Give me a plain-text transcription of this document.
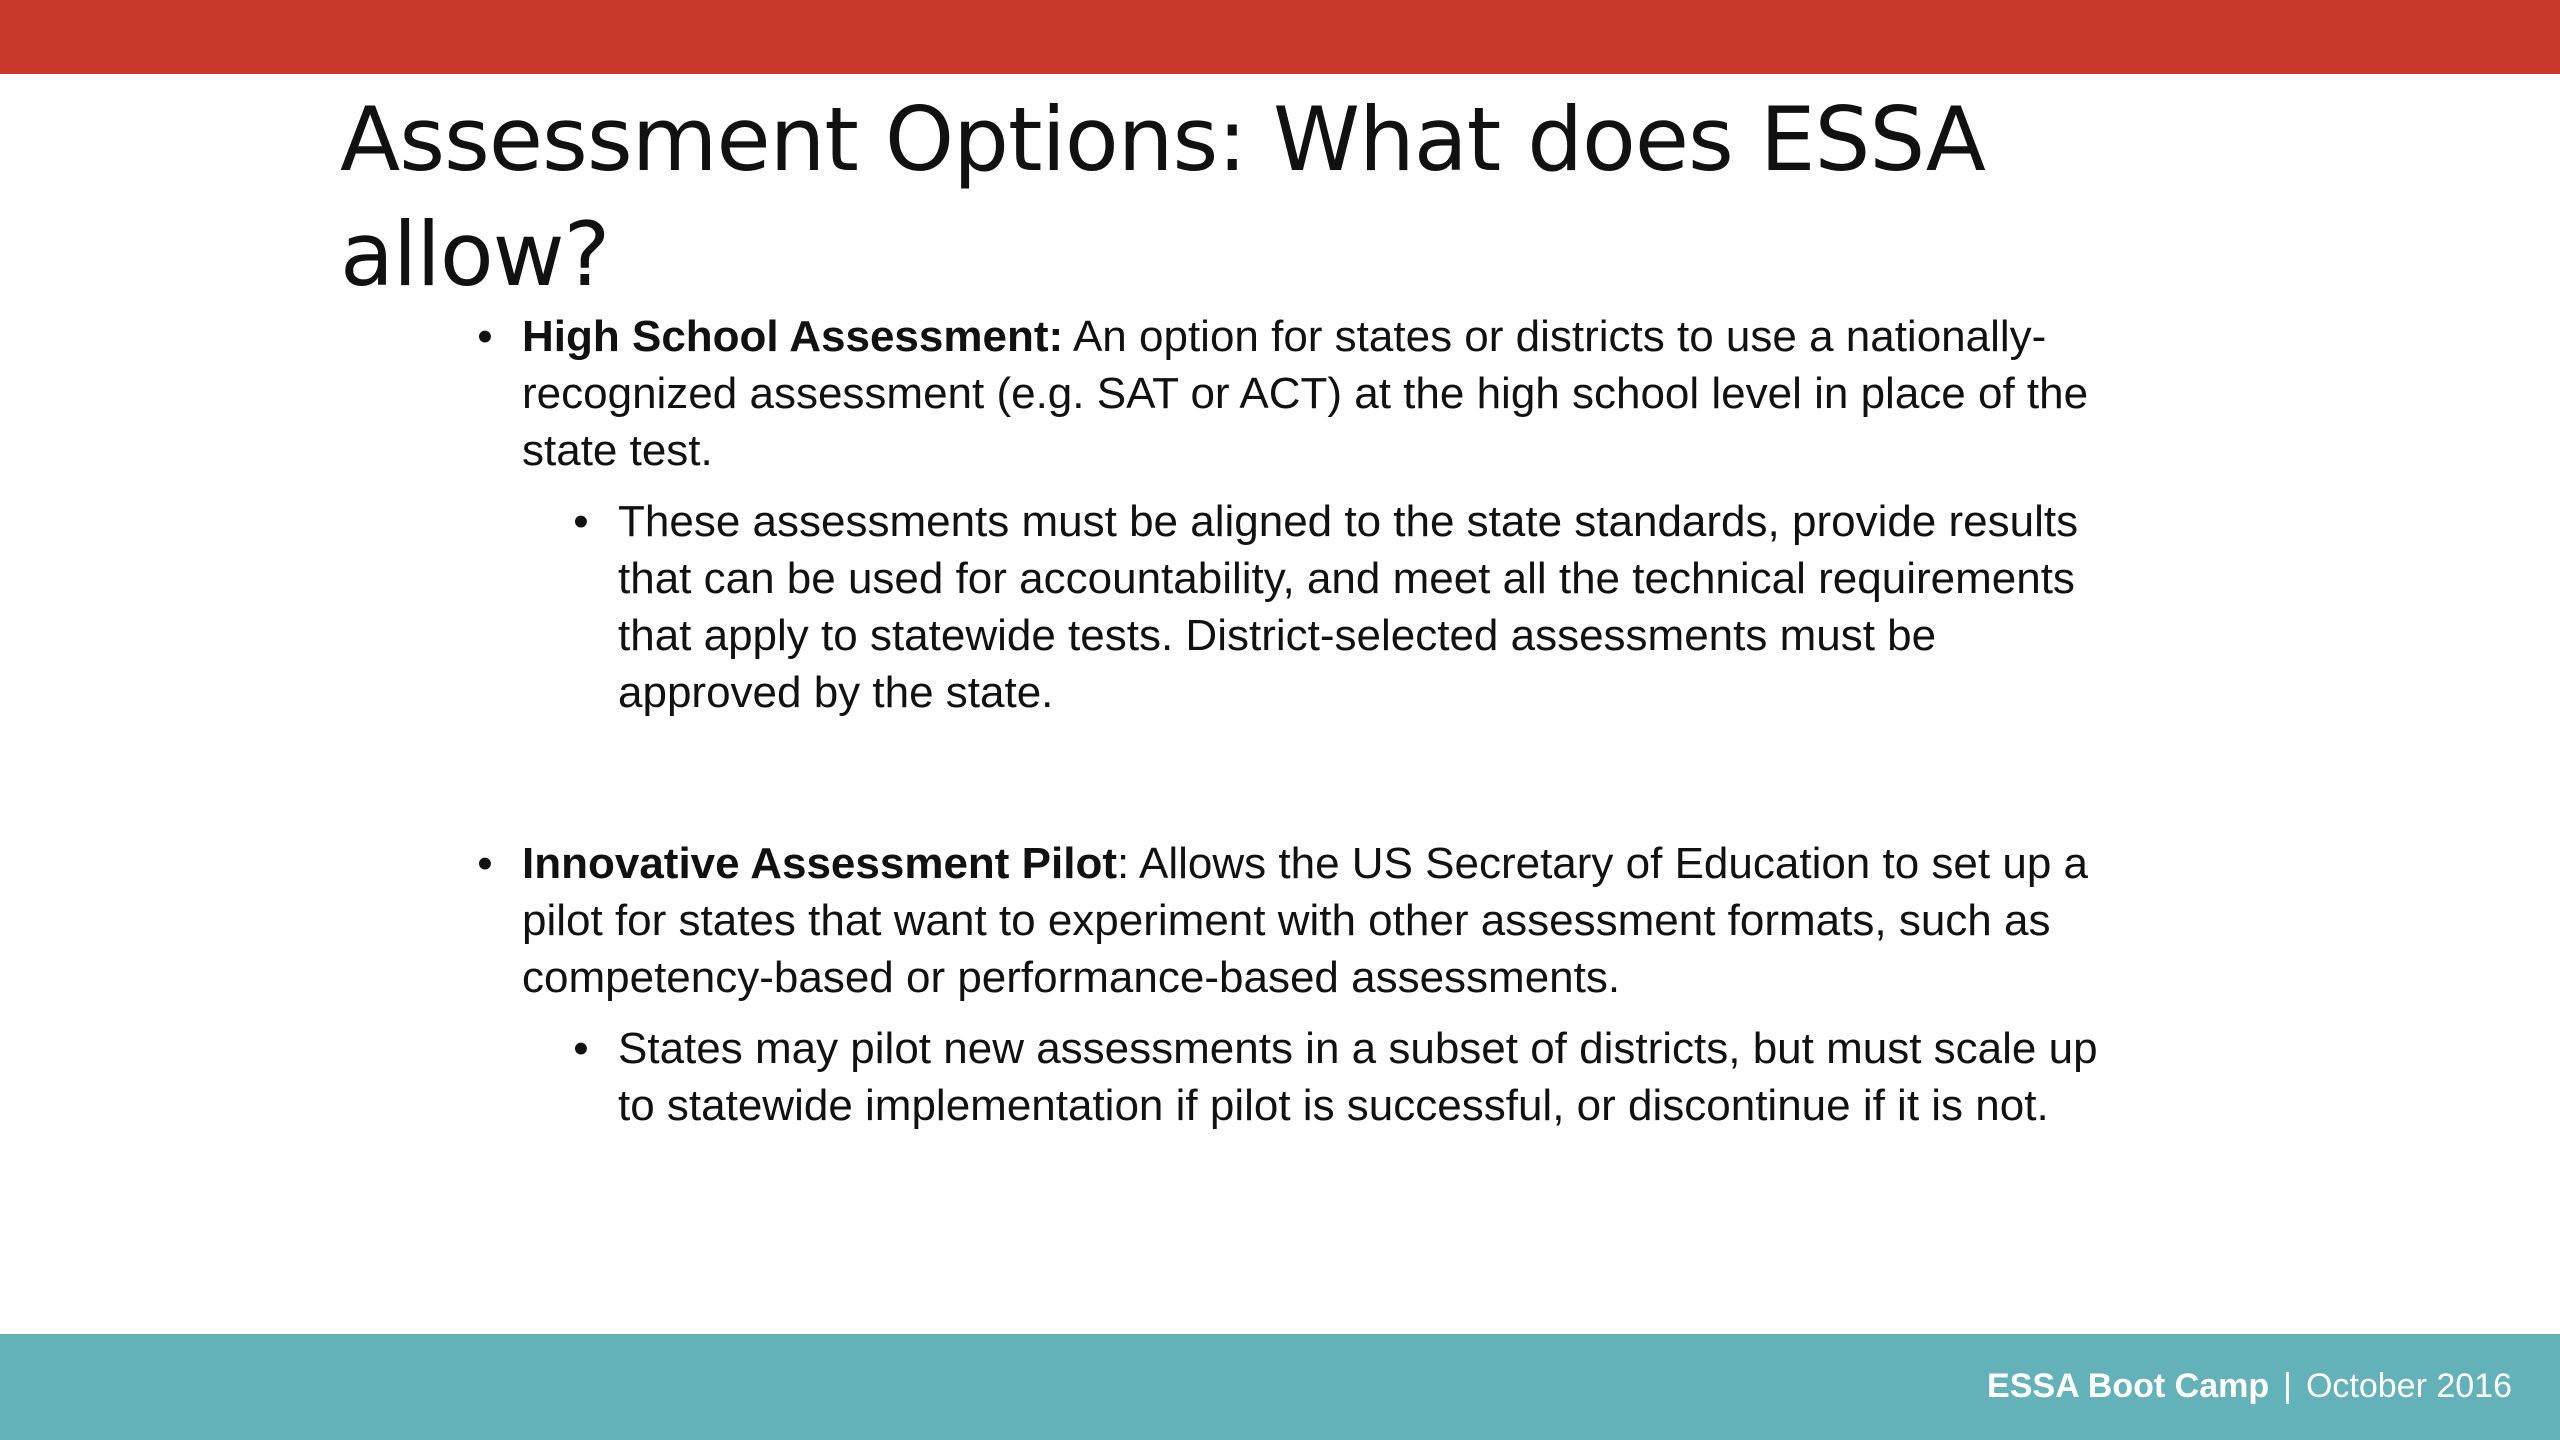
Assessment Options: What does ESSA allow?

• High School Assessment: An option for states or districts to use a nationally-recognized assessment (e.g. SAT or ACT) at the high school level in place of the state test.

• These assessments must be aligned to the state standards, provide results that can be used for accountability, and meet all the technical requirements that apply to statewide tests. District-selected assessments must be approved by the state.

• Innovative Assessment Pilot: Allows the US Secretary of Education to set up a pilot for states that want to experiment with other assessment formats, such as competency-based or performance-based assessments.

• States may pilot new assessments in a subset of districts, but must scale up to statewide implementation if pilot is successful, or discontinue if it is not.

ESSA Boot Camp | October 2016
